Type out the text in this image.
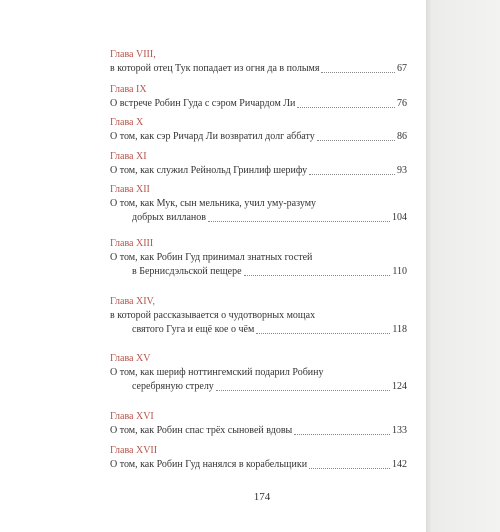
Глава VIII,
в которой отец Тук попадает из огня да в полымя	67
Глава IX
О встрече Робин Гуда с сэром Ричардом Ли	76
Глава X
О том, как сэр Ричард Ли возвратил долг аббату	86
Глава XI
О том, как служил Рейнольд Гринлиф шерифу	93
Глава XII
О том, как Мук, сын мельника, учил уму-разуму
добрых вилланов	104
Глава XIII
О том, как Робин Гуд принимал знатных гостей
в Бернисдэльской пещере	110
Глава XIV,
в которой рассказывается о чудотворных мощах
святого Гуга и ещё кое о чём	118
Глава XV
О том, как шериф ноттингемский подарил Робину
серебряную стрелу	124
Глава XVI
О том, как Робин спас трёх сыновей вдовы	133
Глава XVII
О том, как Робин Гуд нанялся в корабельщики	142
174
